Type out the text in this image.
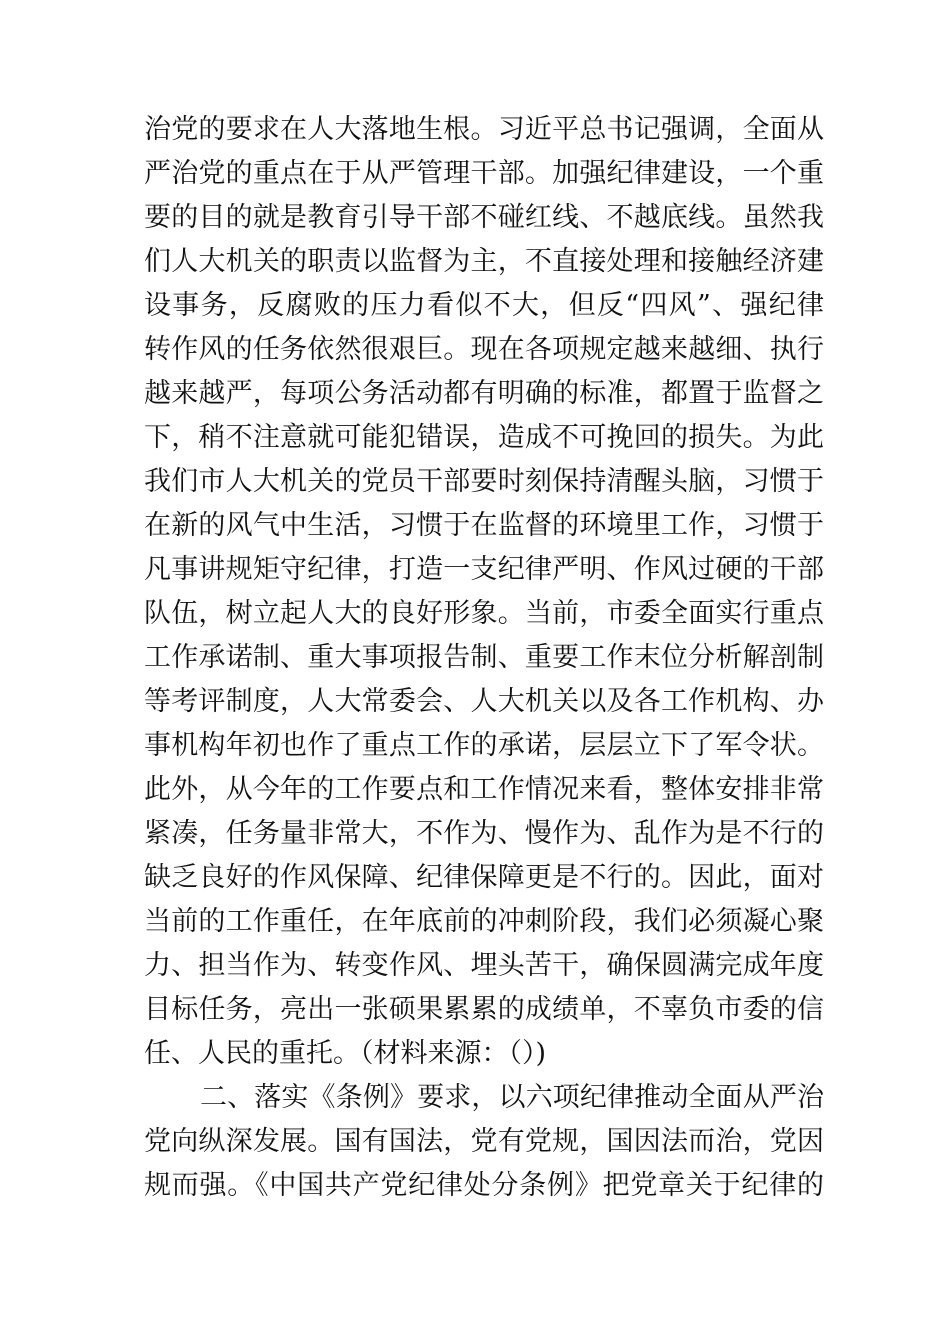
治党的要求在人大落地生根。习近平总书记强调，全面从
严治党的重点在于从严管理干部。加强纪律建设，一个重
要的目的就是教育引导干部不碰红线、不越底线。虽然我
们人大机关的职责以监督为主，不直接处理和接触经济建
设事务，反腐败的压力看似不大，但反“四风”、强纪律
转作风的任务依然很艰巨。现在各项规定越来越细、执行
越来越严，每项公务活动都有明确的标准，都置于监督之
下，稍不注意就可能犯错误，造成不可挽回的损失。为此
我们市人大机关的党员干部要时刻保持清醒头脑，习惯于
在新的风气中生活，习惯于在监督的环境里工作，习惯于
凡事讲规矩守纪律，打造一支纪律严明、作风过硬的干部
队伍，树立起人大的良好形象。当前，市委全面实行重点
工作承诺制、重大事项报告制、重要工作末位分析解剖制
等考评制度，人大常委会、人大机关以及各工作机构、办
事机构年初也作了重点工作的承诺，层层立下了军令状。
此外，从今年的工作要点和工作情况来看，整体安排非常
紧凑，任务量非常大，不作为、慢作为、乱作为是不行的
缺乏良好的作风保障、纪律保障更是不行的。因此，面对
当前的工作重任，在年底前的冲刺阶段，我们必须凝心聚
力、担当作为、转变作风、埋头苦干，确保圆满完成年度
目标任务，亮出一张硕果累累的成绩单，不辜负市委的信
任、人民的重托。（材料来源：（）)
二、落实《条例》要求，以六项纪律推动全面从严治
党向纵深发展。国有国法，党有党规，国因法而治，党因
规而强。《中国共产党纪律处分条例》把党章关于纪律的
